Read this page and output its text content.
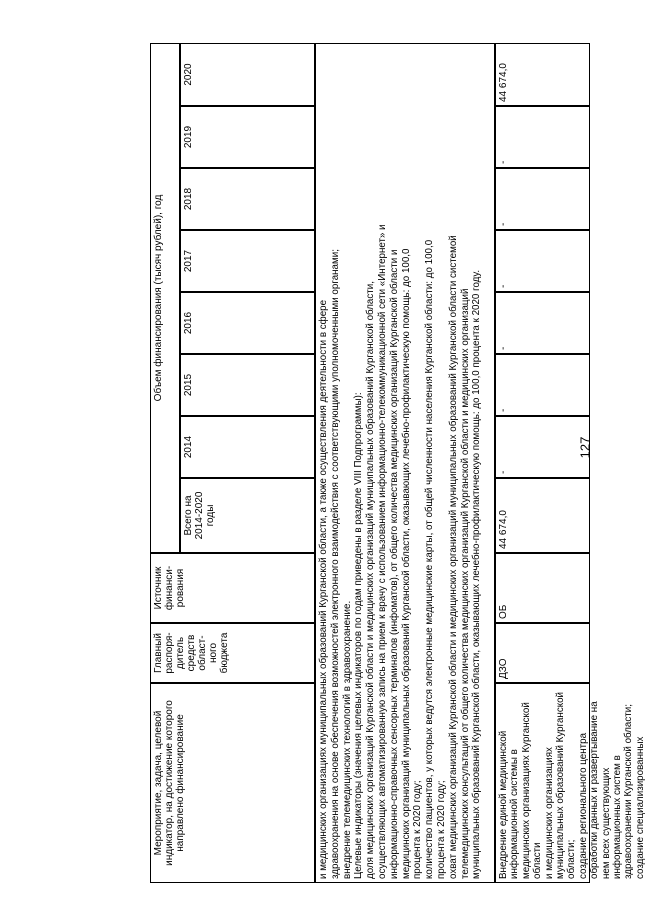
127
Мероприятие, задача, целевой индикатор, на достижение которого направлено финансирование
Главный распоря-дитель средств област-ного бюджета
Источник финанси-рования
Объем финансирования (тысяч рублей), год
Всего на 2014-2020 годы
2014
2015
2016
2017
2018
2019
2020
и медицинских организациях муниципальных образований Курганской области, а также осуществления деятельности в сфере здравоохранения на основе обеспечения возможностей электронного взаимодействия с соответствующими уполномоченными органами; внедрение телемедицинских технологий в здравоохранение. Целевые индикаторы (значения целевых индикаторов по годам приведены в разделе VIII Подпрограммы): доля медицинских организаций Курганской области и медицинских организаций муниципальных образований Курганской области, осуществляющих автоматизированную запись на прием к врачу с использованием информационно-телекоммуникационной сети «Интернет» и информационно-справочных сенсорных терминалов (инфоматов), от общего количества медицинских организаций Курганской области и медицинских организаций муниципальных образований Курганской области, оказывающих лечебно-профилактическую помощь: до 100,0 процента к 2020 году; количество пациентов, у которых ведутся электронные медицинские карты, от общей численности населения Курганской области: до 100,0 процента к 2020 году; охват медицинских организаций Курганской области и медицинских организаций муниципальных образований Курганской области системой телемедицинских консультаций от общего количества медицинских организаций Курганской области и медицинских организаций муниципальных образований Курганской области, оказывающих лечебно-профилактическую помощь: до 100,0 процента к 2020 году. Внедрение единой медицинской информационной системы в медицинских организациях Курганской области и медицинских организациях муниципальных образований Курганской области; создание регионального центра обработки данных и развертывание на нем всех существующих информационных систем в здравоохранении Курганской области; создание специализированных
ДЗО
ОБ
44 674,0
-
-
-
-
-
-
44 674,0
